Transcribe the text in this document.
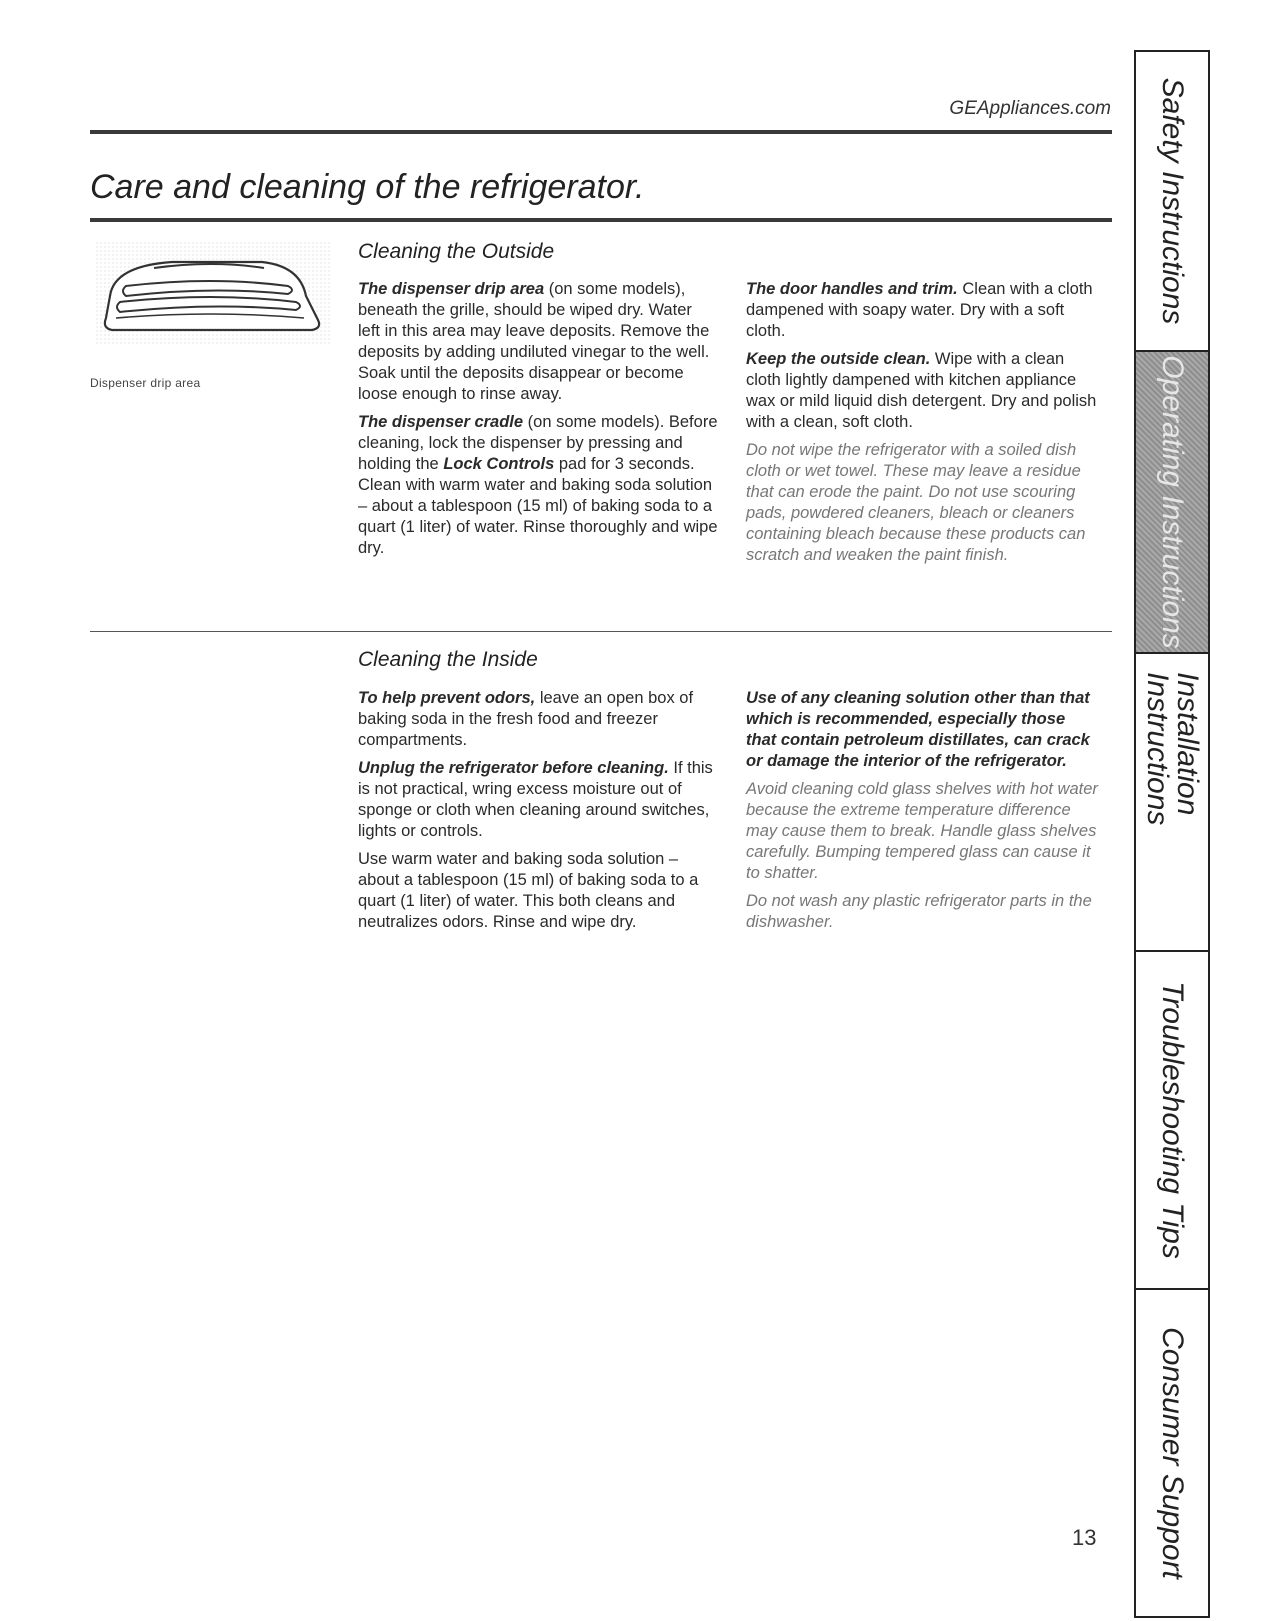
GEAppliances.com
Care and cleaning of the refrigerator.
Dispenser drip area
Cleaning the Outside

The dispenser drip area (on some models), beneath the grille, should be wiped dry. Water left in this area may leave deposits. Remove the deposits by adding undiluted vinegar to the well. Soak until the deposits disappear or become loose enough to rinse away.

The dispenser cradle (on some models). Before cleaning, lock the dispenser by pressing and holding the Lock Controls pad for 3 seconds. Clean with warm water and baking soda solution – about a tablespoon (15 ml) of baking soda to a quart (1 liter) of water. Rinse thoroughly and wipe dry.

The door handles and trim. Clean with a cloth dampened with soapy water. Dry with a soft cloth.

Keep the outside clean. Wipe with a clean cloth lightly dampened with kitchen appliance wax or mild liquid dish detergent. Dry and polish with a clean, soft cloth.

Do not wipe the refrigerator with a soiled dish cloth or wet towel. These may leave a residue that can erode the paint. Do not use scouring pads, powdered cleaners, bleach or cleaners containing bleach because these products can scratch and weaken the paint finish.

Cleaning the Inside

To help prevent odors, leave an open box of baking soda in the fresh food and freezer compartments.

Unplug the refrigerator before cleaning. If this is not practical, wring excess moisture out of sponge or cloth when cleaning around switches, lights or controls.

Use warm water and baking soda solution – about a tablespoon (15 ml) of baking soda to a quart (1 liter) of water. This both cleans and neutralizes odors. Rinse and wipe dry.

Use of any cleaning solution other than that which is recommended, especially those that contain petroleum distillates, can crack or damage the interior of the refrigerator.

Avoid cleaning cold glass shelves with hot water because the extreme temperature difference may cause them to break. Handle glass shelves carefully. Bumping tempered glass can cause it to shatter.

Do not wash any plastic refrigerator parts in the dishwasher.

13
Safety Instructions
Operating Instructions
Installation Instructions
Troubleshooting Tips
Consumer Support
